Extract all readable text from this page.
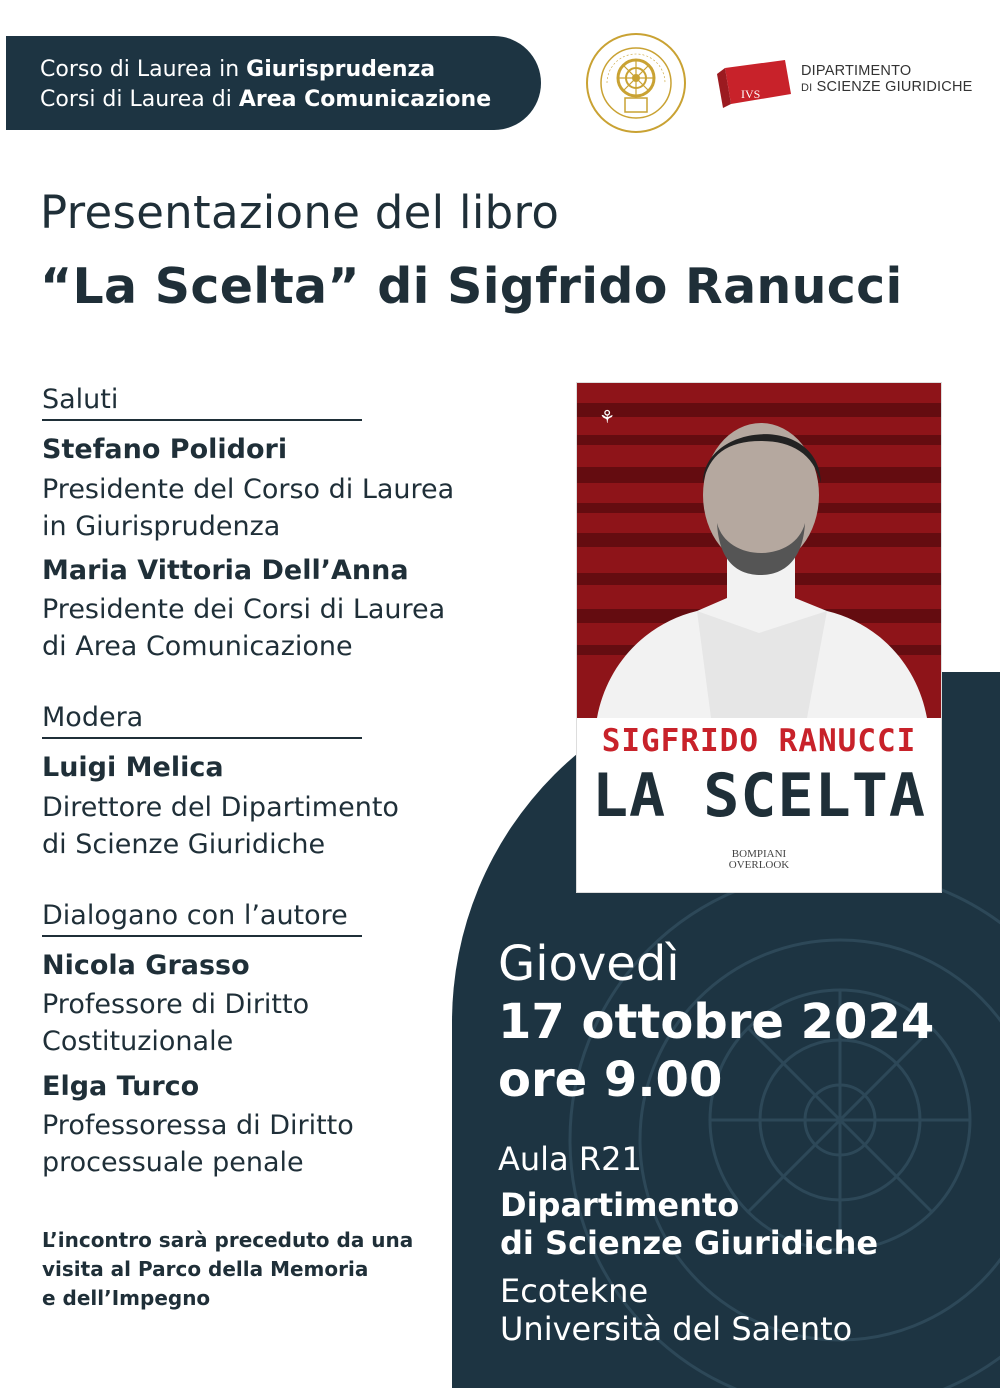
Corso di Laurea in Giurisprudenza
Corsi di Laurea di Area Comunicazione	IVS
DIPARTIMENTO
DI SCIENZE GIURIDICHE
Presentazione del libro
“La Scelta” di Sigfrido Ranucci
Saluti
Stefano Polidori
Presidente del Corso di Laurea
in Giurisprudenza
Maria Vittoria Dell’Anna
Presidente dei Corsi di Laurea
di Area Comunicazione
Modera
Luigi Melica
Direttore del Dipartimento
di Scienze Giuridiche
Dialogano con l’autore
Nicola Grasso
Professore di Diritto
Costituzionale
Elga Turco
Professoressa di Diritto
processuale penale
L’incontro sarà preceduto da una
visita al Parco della Memoria
e dell’Impegno
⚘
SIGFRIDO RANUCCI
LA SCELTA
BOMPIANI
OVERLOOK
Giovedì
17 ottobre 2024
ore 9.00
Aula R21
Dipartimento
di Scienze Giuridiche
Ecotekne
Università del Salento
